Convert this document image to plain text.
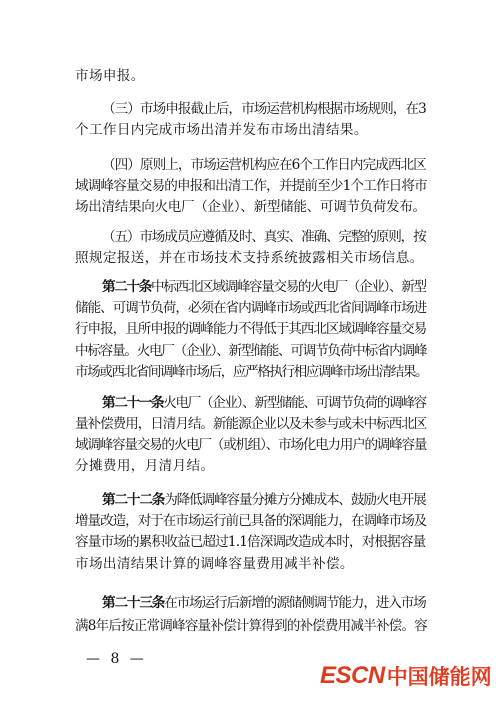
市场申报。
（三）市场申报截止后，市场运营机构根据市场规则，在3
个工作日内完成市场出清并发布市场出清结果。
（四）原则上，市场运营机构应在6个工作日内完成西北区
域调峰容量交易的申报和出清工作，并提前至少1个工作日将市
场出清结果向火电厂（企业）、新型储能、可调节负荷发布。
（五）市场成员应遵循及时、真实、准确、完整的原则，按
照规定报送，并在市场技术支持系统披露相关市场信息。
第二十条中标西北区域调峰容量交易的火电厂（企业）、新型
储能、可调节负荷，必须在省内调峰市场或西北省间调峰市场进
行申报，且所申报的调峰能力不得低于其西北区域调峰容量交易
中标容量。火电厂（企业）、新型储能、可调节负荷中标省内调峰
市场或西北省间调峰市场后，应严格执行相应调峰市场出清结果。
第二十一条火电厂（企业）、新型储能、可调节负荷的调峰容
量补偿费用，日清月结。新能源企业以及未参与或未中标西北区
域调峰容量交易的火电厂（或机组）、市场化电力用户的调峰容量
分摊费用，月清月结。
第二十二条为降低调峰容量分摊方分摊成本、鼓励火电开展
增量改造，对于在市场运行前已具备的深调能力，在调峰市场及
容量市场的累积收益已超过1.1倍深调改造成本时，对根据容量
市场出清结果计算的调峰容量费用减半补偿。
第二十三条在市场运行后新增的源储侧调节能力，进入市场
满8年后按正常调峰容量补偿计算得到的补偿费用减半补偿。容
— 8 —
ESCN 中国储能网
